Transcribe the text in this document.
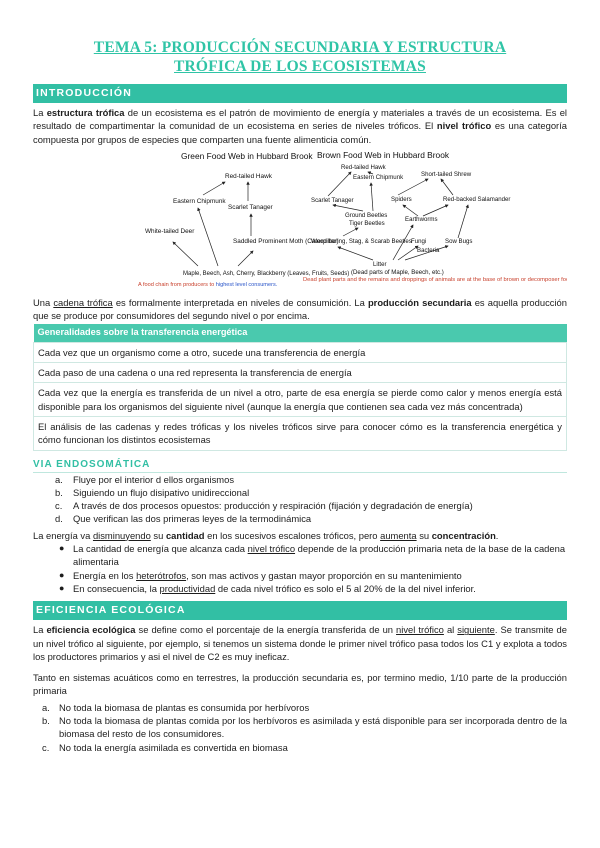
TEMA 5: PRODUCCIÓN SECUNDARIA Y ESTRUCTURA
TRÓFICA DE LOS ECOSISTEMAS
INTRODUCCIÓN

La estructura trófica de un ecosistema es el patrón de movimiento de energía y materiales a través de un ecosistema. Es el resultado de compartimentar la comunidad de un ecosistema en series de niveles tróficos. El nivel trófico es una categoría compuesta por grupos de especies que comparten una fuente alimenticia común.

Green Food Web in Hubbard Brook
Red-tailed Hawk
Eastern Chipmunk
Scarlet Tanager
White-tailed Deer
Saddled Prominent Moth (Caterpillar)
Maple, Beech, Ash, Cherry, Blackberry (Leaves, Fruits, Seeds)
A food chain from producers to highest level consumers.
Brown Food Web in Hubbard Brook
Red-tailed Hawk
Eastern Chipmunk	Short-tailed Shrew
Scarlet Tanager	Spiders	Red-backed Salamander
Ground Beetles
Tiger Beetles
Earthworms
Wood boring, Stag, & Scarab Beetles Fungi	Sow Bugs
Bacteria
Litter
(Dead parts of Maple, Beech, etc.)
Dead plant parts and the remains and droppings of animals are at the base of brown or decomposer food webs.

Una cadena trófica es formalmente interpretada en niveles de consumición. La producción secundaria es aquella producción que se produce por consumidores del segundo nivel o por encima.

Generalidades sobre la transferencia energética
Cada vez que un organismo come a otro, sucede una transferencia de energía
Cada paso de una cadena o una red representa la transferencia de energía
Cada vez que la energía es transferida de un nivel a otro, parte de esa energía se pierde como calor y menos energía está disponible para los organismos del siguiente nivel (aunque la energía que contienen sea cada vez más concentrada)
El análisis de las cadenas y redes tróficas y los niveles tróficos sirve para conocer cómo es la transferencia energética y cómo funcionan los distintos ecosistemas
VIA ENDOSOMÁTICA
a. Fluye por el interior d ellos organismos
b. Siguiendo un flujo disipativo unidireccional
c. A través de dos procesos opuestos: producción y respiración (fijación y degradación de energía)
d. Que verifican las dos primeras leyes de la termodinámica

La energía va disminuyendo su cantidad en los sucesivos escalones tróficos, pero aumenta su concentración.

● La cantidad de energía que alcanza cada nivel trófico depende de la producción primaria neta de la base de la cadena alimentaria
● Energía en los heterótrofos, son mas activos y gastan mayor proporción en su mantenimiento
● En consecuencia, la productividad de cada nivel trófico es solo el 5 al 20% de la del nivel inferior.
EFICIENCIA ECOLÓGICA

La eficiencia ecológica se define como el porcentaje de la energía transferida de un nivel trófico al siguiente. Se transmite de un nivel trófico al siguiente, por ejemplo, si tenemos un sistema donde le primer nivel trófico pasa todos los C1 y explota a todos los productores primarios y asi el nivel de C2 es muy ineficaz.

Tanto en sistemas acuáticos como en terrestres, la producción secundaria es, por termino medio, 1/10 parte de la producción primaria

a. No toda la biomasa de plantas es consumida por herbívoros
b. No toda la biomasa de plantas comida por los herbívoros es asimilada y está disponible para ser incorporada dentro de la biomasa del resto de los consumidores.
c. No toda la energía asimilada es convertida en biomasa
